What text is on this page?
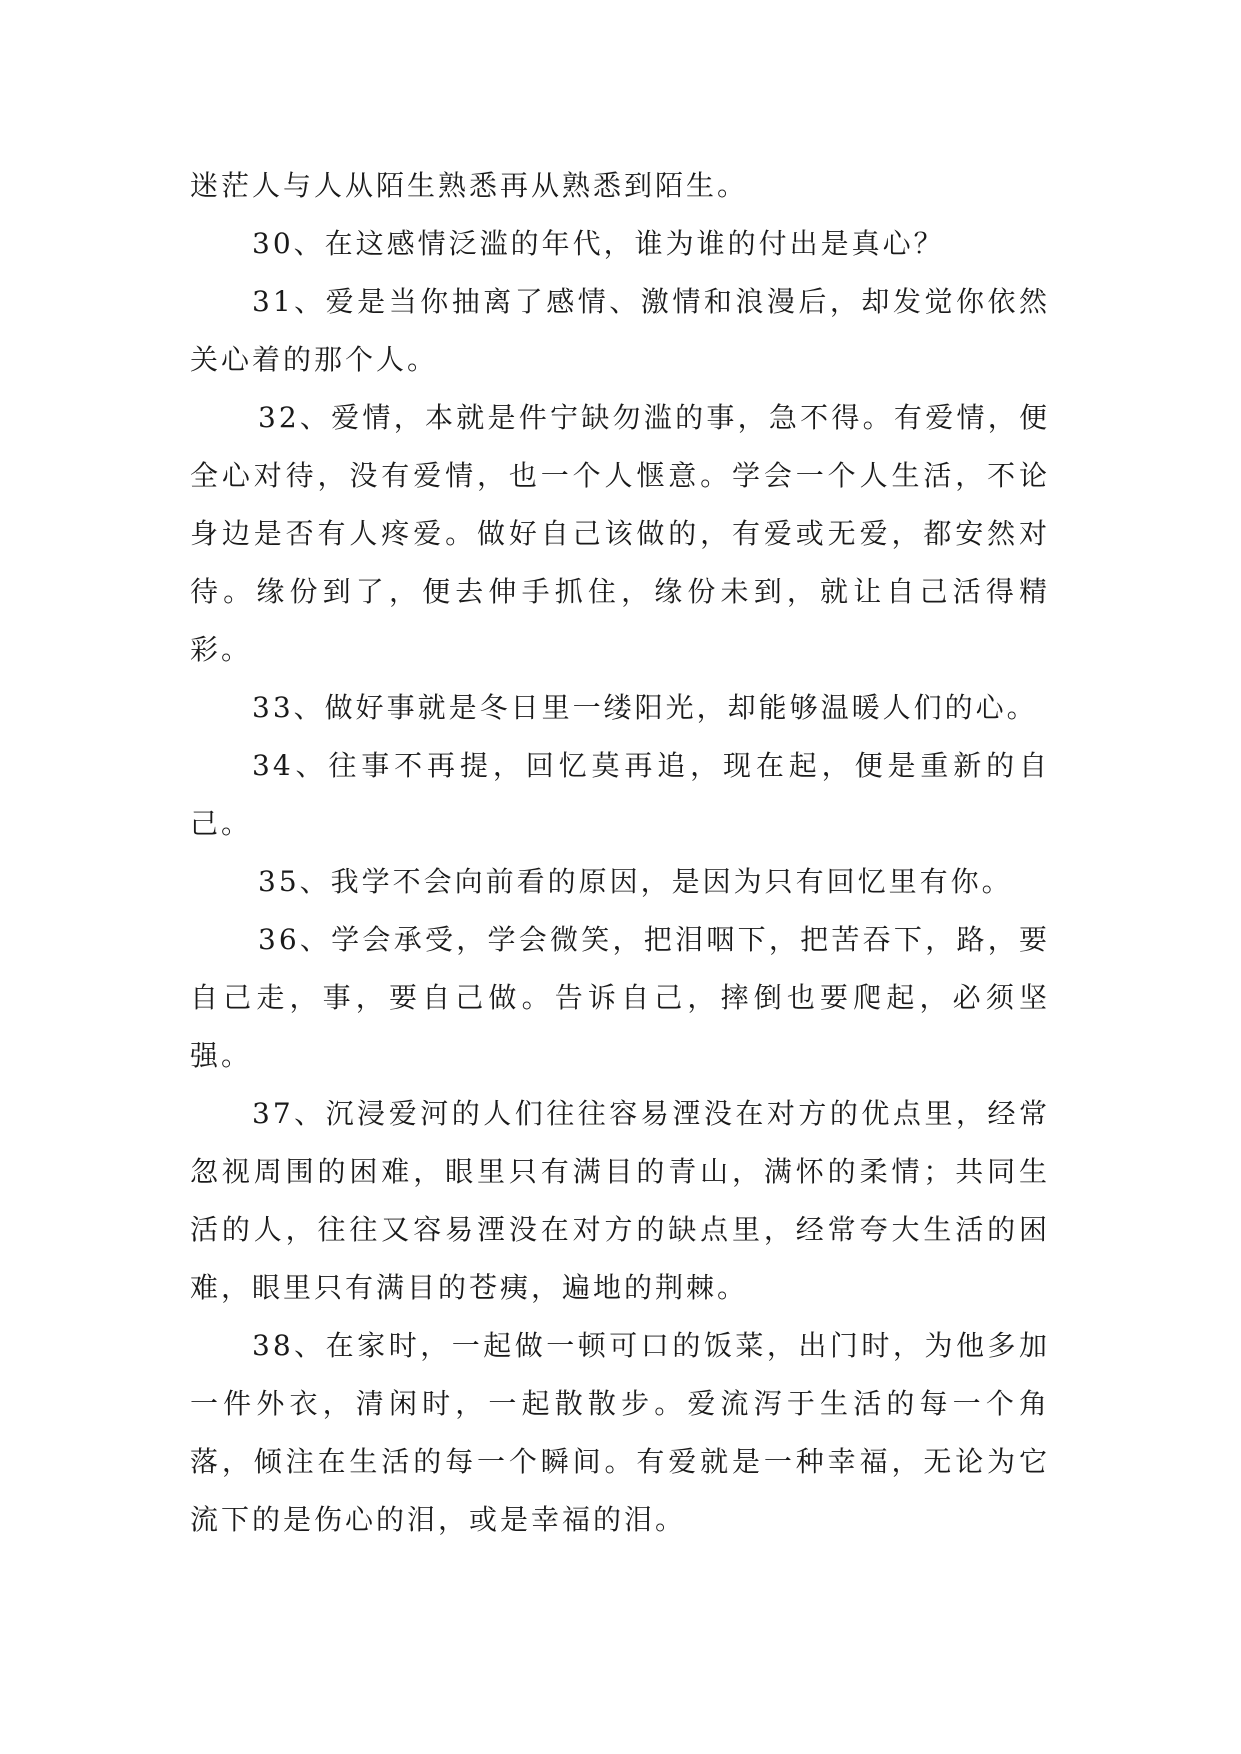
迷茫人与人从陌生熟悉再从熟悉到陌生。

30、在这感情泛滥的年代，谁为谁的付出是真心？

31、爱是当你抽离了感情、激情和浪漫后，却发觉你依然关心着的那个人。

32、爱情，本就是件宁缺勿滥的事，急不得。有爱情，便全心对待，没有爱情，也一个人惬意。学会一个人生活，不论身边是否有人疼爱。做好自己该做的，有爱或无爱，都安然对待。缘份到了，便去伸手抓住，缘份未到，就让自己活得精彩。

33、做好事就是冬日里一缕阳光，却能够温暖人们的心。

34、往事不再提，回忆莫再追，现在起，便是重新的自己。

35、我学不会向前看的原因，是因为只有回忆里有你。

36、学会承受，学会微笑，把泪咽下，把苦吞下，路，要自己走，事，要自己做。告诉自己，摔倒也要爬起，必须坚强。

37、沉浸爱河的人们往往容易湮没在对方的优点里，经常忽视周围的困难，眼里只有满目的青山，满怀的柔情；共同生活的人，往往又容易湮没在对方的缺点里，经常夸大生活的困难，眼里只有满目的苍痍，遍地的荆棘。

38、在家时，一起做一顿可口的饭菜，出门时，为他多加一件外衣，清闲时，一起散散步。爱流泻于生活的每一个角落，倾注在生活的每一个瞬间。有爱就是一种幸福，无论为它流下的是伤心的泪，或是幸福的泪。
